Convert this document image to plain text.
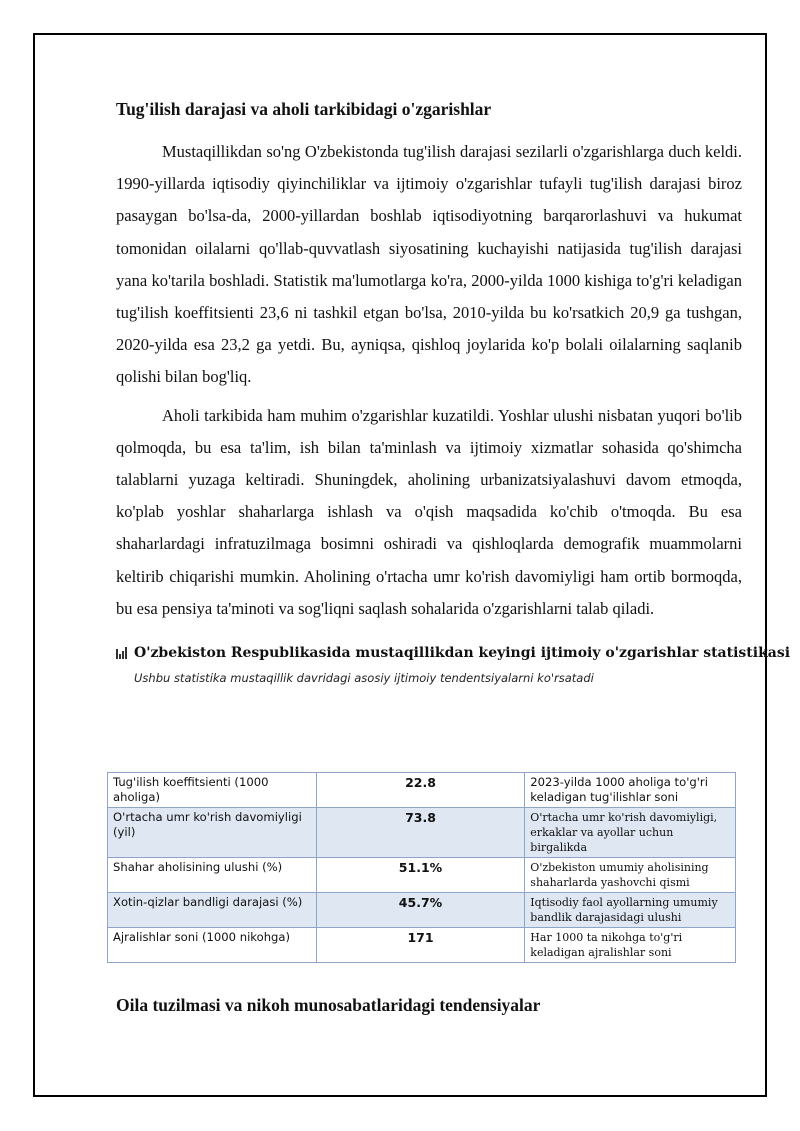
Tug'ilish darajasi va aholi tarkibidagi o'zgarishlar

Mustaqillikdan so'ng O'zbekistonda tug'ilish darajasi sezilarli o'zgarishlarga duch keldi. 1990-yillarda iqtisodiy qiyinchiliklar va ijtimoiy o'zgarishlar tufayli tug'ilish darajasi biroz pasaygan bo'lsa-da, 2000-yillardan boshlab iqtisodiyotning barqarorlashuvi va hukumat tomonidan oilalarni qo'llab-quvvatlash siyosatining kuchayishi natijasida tug'ilish darajasi yana ko'tarila boshladi. Statistik ma'lumotlarga ko'ra, 2000-yilda 1000 kishiga to'g'ri keladigan tug'ilish koeffitsienti 23,6 ni tashkil etgan bo'lsa, 2010-yilda bu ko'rsatkich 20,9 ga tushgan, 2020-yilda esa 23,2 ga yetdi. Bu, ayniqsa, qishloq joylarida ko'p bolali oilalarning saqlanib qolishi bilan bog'liq.

Aholi tarkibida ham muhim o'zgarishlar kuzatildi. Yoshlar ulushi nisbatan yuqori bo'lib qolmoqda, bu esa ta'lim, ish bilan ta'minlash va ijtimoiy xizmatlar sohasida qo'shimcha talablarni yuzaga keltiradi. Shuningdek, aholining urbanizatsiyalashuvi davom etmoqda, ko'plab yoshlar shaharlarga ishlash va o'qish maqsadida ko'chib o'tmoqda. Bu esa shaharlardagi infratuzilmaga bosimni oshiradi va qishloqlarda demografik muammolarni keltirib chiqarishi mumkin. Aholining o'rtacha umr ko'rish davomiyligi ham ortib bormoqda, bu esa pensiya ta'minoti va sog'liqni saqlash sohalarida o'zgarishlarni talab qiladi.

O'zbekiston Respublikasida mustaqillikdan keyingi ijtimoiy o'zgarishlar statistikasi
Ushbu statistika mustaqillik davridagi asosiy ijtimoiy tendentsiyalarni ko'rsatadi
Tug'ilish koeffitsienti (1000 aholiga)	22.8	2023-yilda 1000 aholiga to'g'ri keladigan tug'ilishlar soni
O'rtacha umr ko'rish davomiyligi (yil)	73.8	O'rtacha umr ko'rish davomiyligi, erkaklar va ayollar uchun birgalikda
Shahar aholisining ulushi (%)	51.1%	O'zbekiston umumiy aholisining shaharlarda yashovchi qismi
Xotin-qizlar bandligi darajasi (%)	45.7%	Iqtisodiy faol ayollarning umumiy bandlik darajasidagi ulushi
Ajralishlar soni (1000 nikohga)	171	Har 1000 ta nikohga to'g'ri keladigan ajralishlar soni
Oila tuzilmasi va nikoh munosabatlaridagi tendensiyalar
